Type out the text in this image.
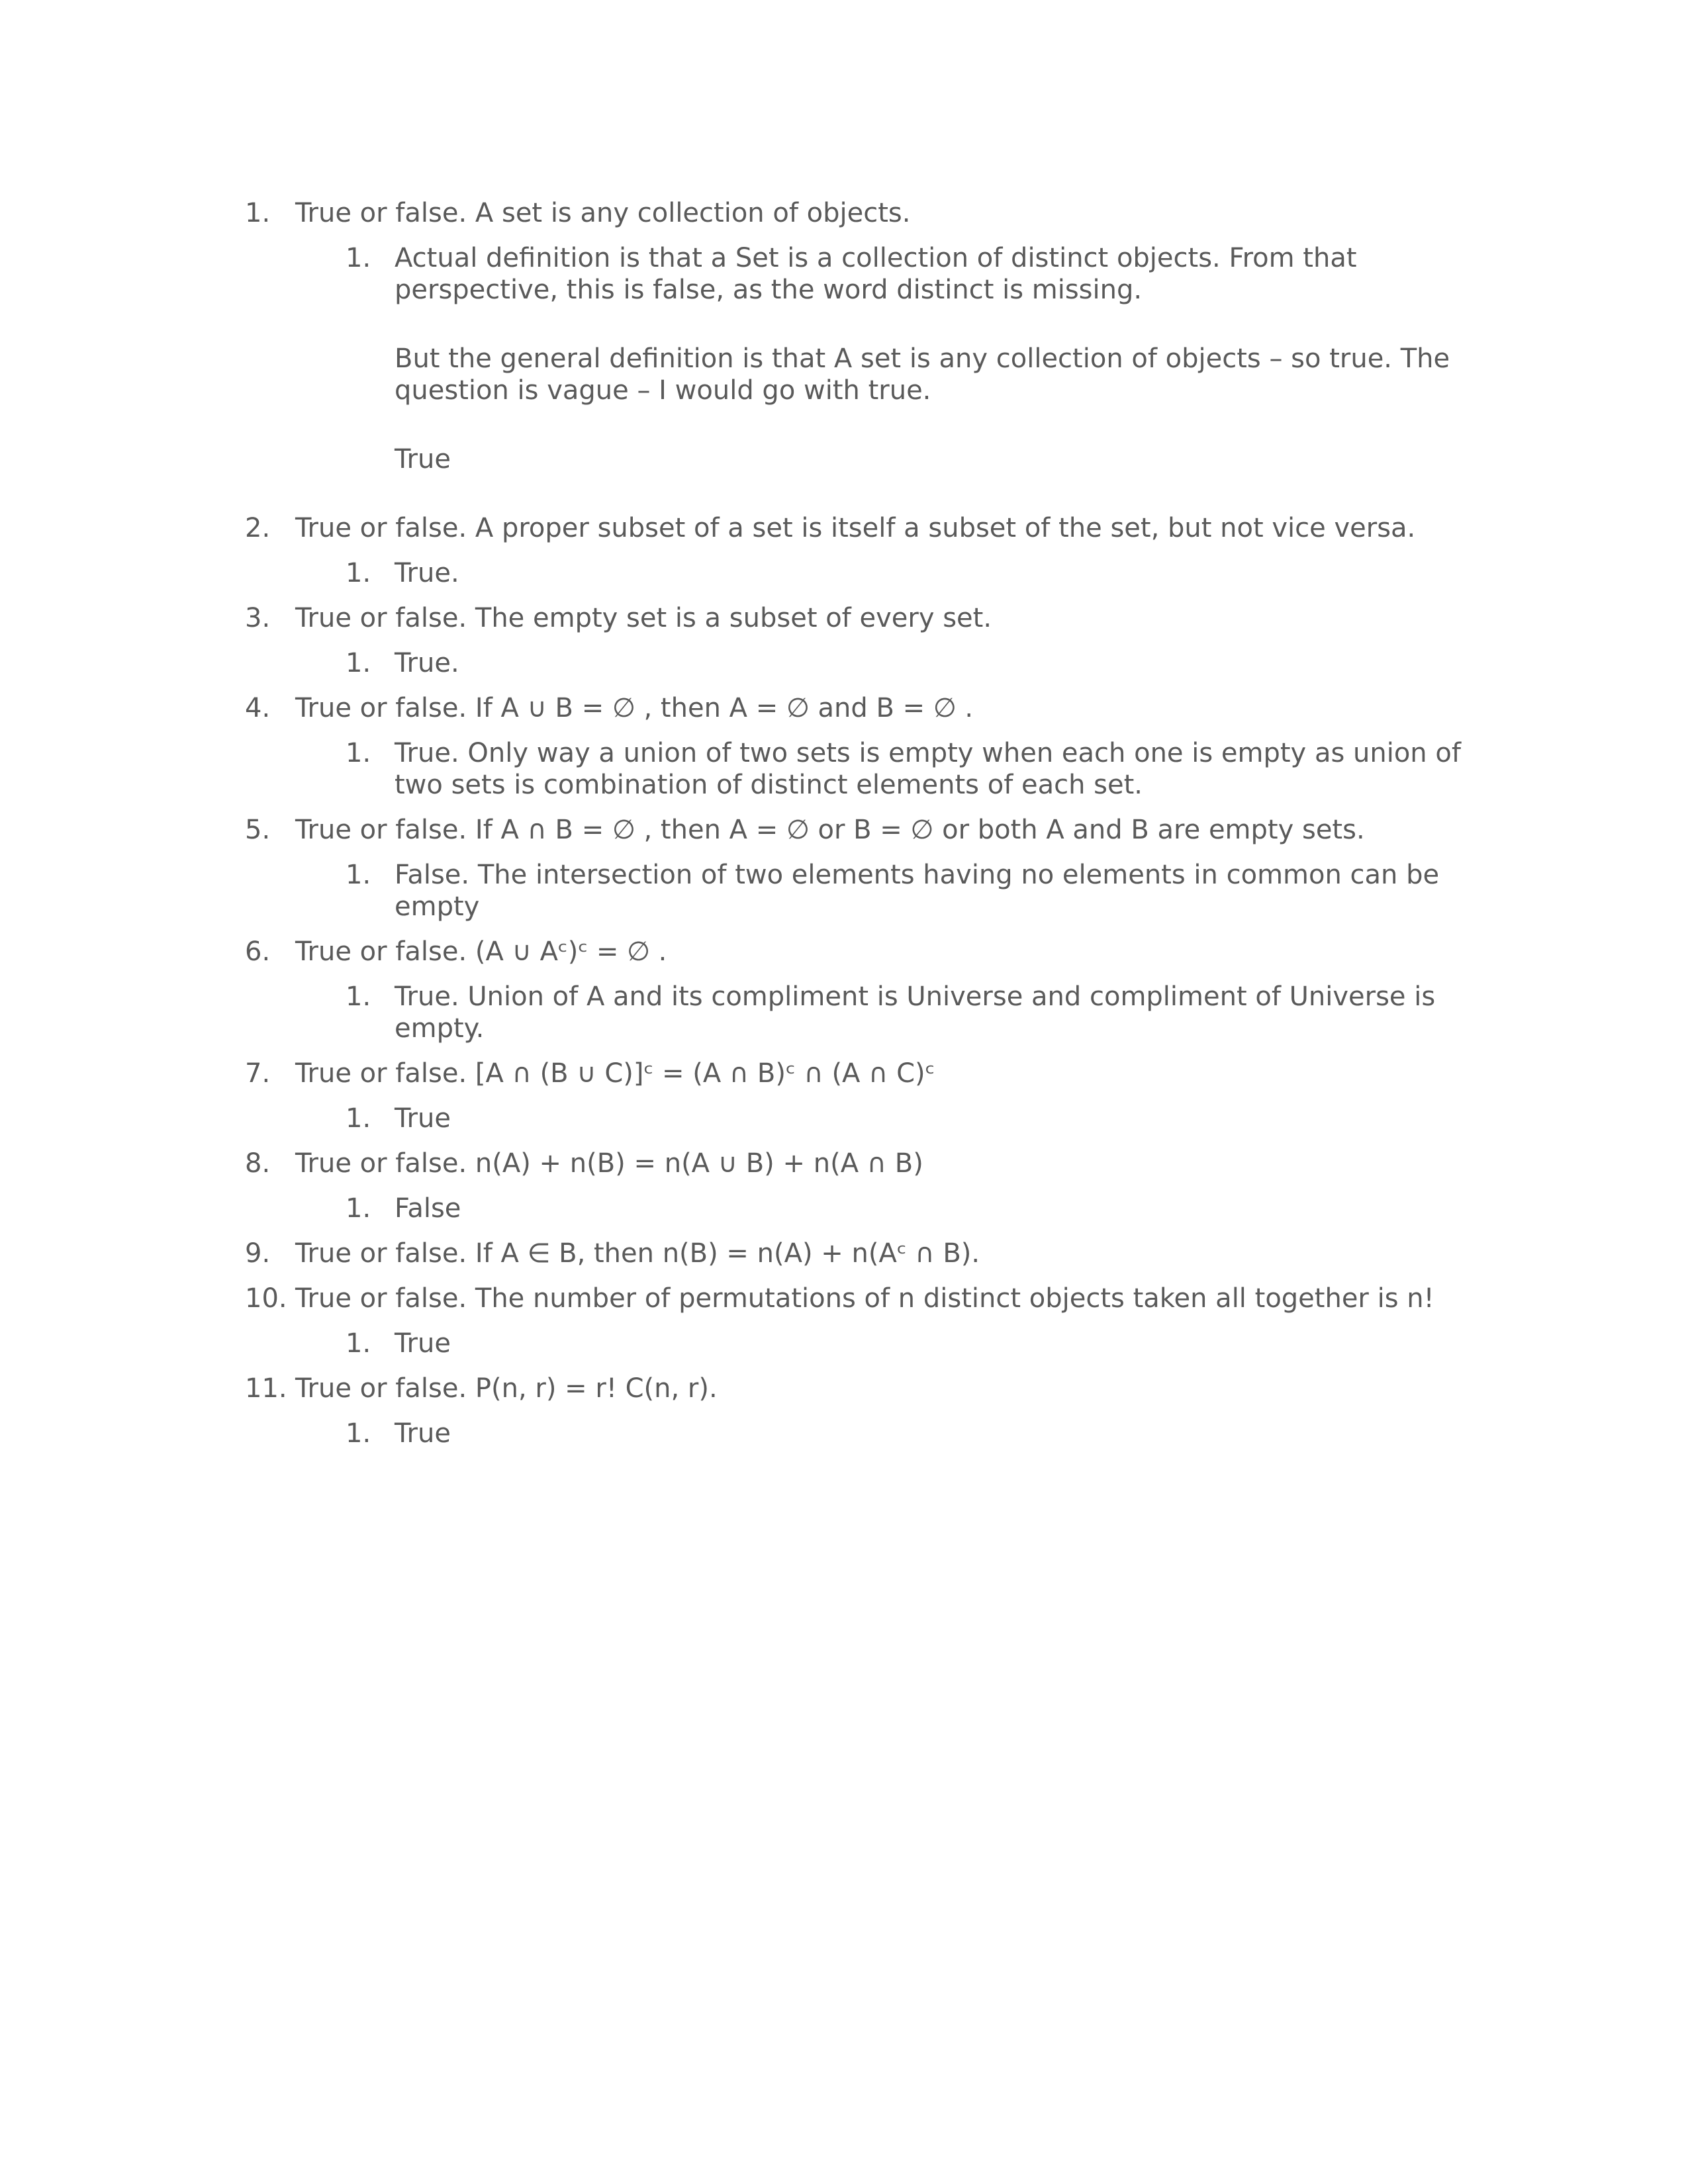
1. True or false. A set is any collection of objects.
1. Actual definition is that a Set is a collection of distinct objects. From that perspective, this is false, as the word distinct is missing.

But the general definition is that A set is any collection of objects – so true. The question is vague – I would go with true.

True

2. True or false. A proper subset of a set is itself a subset of the set, but not vice versa.
1. True.

3. True or false. The empty set is a subset of every set.
1. True.

4. True or false. If A ∪ B = ∅ , then A = ∅ and B = ∅ .
1. True. Only way a union of two sets is empty when each one is empty as union of two sets is combination of distinct elements of each set.

5. True or false. If A ∩ B = ∅ , then A = ∅ or B = ∅ or both A and B are empty sets.
1. False. The intersection of two elements having no elements in common can be empty

6. True or false. (A ∪ Aᶜ)ᶜ = ∅ .
1. True. Union of A and its compliment is Universe and compliment of Universe is empty.

7. True or false. [A ∩ (B ∪ C)]ᶜ = (A ∩ B)ᶜ ∩ (A ∩ C)ᶜ
1. True

8. True or false. n(A) + n(B) = n(A ∪ B) + n(A ∩ B)
1. False

9. True or false. If A ∈ B, then n(B) = n(A) + n(Aᶜ ∩ B).
10. True or false. The number of permutations of n distinct objects taken all together is n!
1. True

11. True or false. P(n, r) = r! C(n, r).
1. True
